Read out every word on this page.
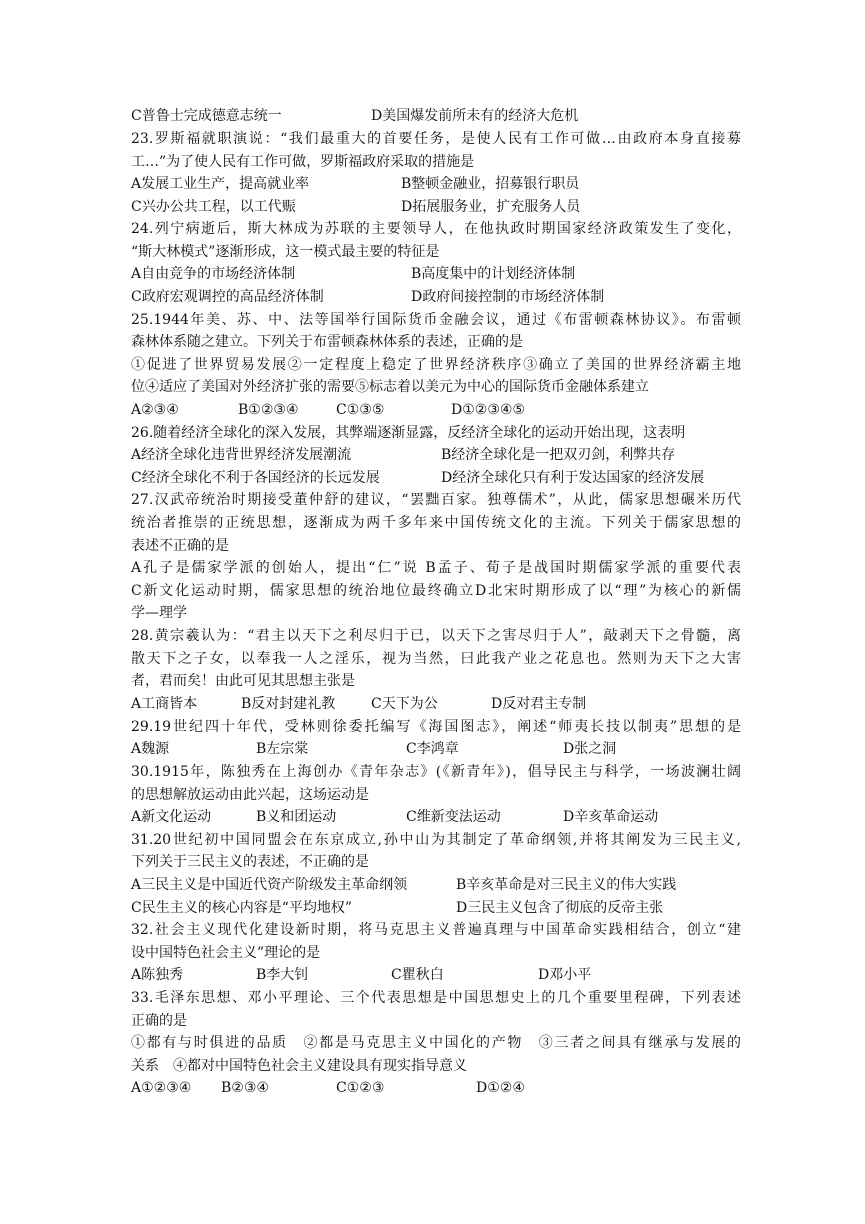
C普鲁士完成德意志统一	D美国爆发前所未有的经济大危机
23.罗斯福就职演说：“我们最重大的首要任务，是使人民有工作可做…由政府本身直接募
工…”为了使人民有工作可做，罗斯福政府采取的措施是
A发展工业生产，提高就业率	B整顿金融业，招募银行职员
C兴办公共工程，以工代赈	D拓展服务业，扩充服务人员
24.列宁病逝后，斯大林成为苏联的主要领导人，在他执政时期国家经济政策发生了变化，
“斯大林模式”逐渐形成，这一模式最主要的特征是
A自由竞争的市场经济体制	B高度集中的计划经济体制
C政府宏观调控的高品经济体制	D政府间接控制的市场经济体制
25.1944年美、苏、中、法等国举行国际货币金融会议，通过《布雷顿森林协议》。布雷顿
森林体系随之建立。下列关于布雷顿森林体系的表述，正确的是
①促进了世界贸易发展②一定程度上稳定了世界经济秩序③确立了美国的世界经济霸主地
位④适应了美国对外经济扩张的需要⑤标志着以美元为中心的国际货币金融体系建立
A②③④	B①②③④	C①③⑤	D①②③④⑤
26.随着经济全球化的深入发展，其弊端逐渐显露，反经济全球化的运动开始出现，这表明
A经济全球化违背世界经济发展潮流	B经济全球化是一把双刃剑，利弊共存
C经济全球化不利于各国经济的长远发展	D经济全球化只有利于发达国家的经济发展
27.汉武帝统治时期接受董仲舒的建议，“罢黜百家。独尊儒术”，从此，儒家思想碾米历代
统治者推崇的正统思想，逐渐成为两千多年来中国传统文化的主流。下列关于儒家思想的
表述不正确的是
A孔子是儒家学派的创始人，提出“仁”说 B孟子、荀子是战国时期儒家学派的重要代表
C新文化运动时期，儒家思想的统治地位最终确立D北宋时期形成了以“理”为核心的新儒
学—理学
28.黄宗羲认为：“君主以天下之利尽归于已，以天下之害尽归于人”，敲剥天下之骨髓，离
散天下之子女，以奉我一人之淫乐，视为当然，曰此我产业之花息也。然则为天下之大害
者，君而矣！由此可见其思想主张是
A工商皆本	B反对封建礼教	C天下为公	D反对君主专制
29.19世纪四十年代，受林则徐委托编写《海国图志》，阐述“师夷长技以制夷”思想的是
A魏源	B左宗棠	C李鸿章	D张之洞
30.1915年，陈独秀在上海创办《青年杂志》(《新青年》)，倡导民主与科学，一场波澜壮阔
的思想解放运动由此兴起，这场运动是
A新文化运动	B义和团运动	C维新变法运动	D辛亥革命运动
31.20世纪初中国同盟会在东京成立,孙中山为其制定了革命纲领,并将其阐发为三民主义,
下列关于三民主义的表述，不正确的是
A三民主义是中国近代资产阶级发主革命纲领	B辛亥革命是对三民主义的伟大实践
C民生主义的核心内容是“平均地权”	D三民主义包含了彻底的反帝主张
32.社会主义现代化建设新时期，将马克思主义普遍真理与中国革命实践相结合，创立“建
设中国特色社会主义”理论的是
A陈独秀	B李大钊	C瞿秋白	D邓小平
33.毛泽东思想、邓小平理论、三个代表思想是中国思想史上的几个重要里程碑，下列表述
正确的是
①都有与时俱进的品质　②都是马克思主义中国化的产物　③三者之间具有继承与发展的
关系　④都对中国特色社会主义建设具有现实指导意义
A①②③④ B②③④	C①②③	D①②④
